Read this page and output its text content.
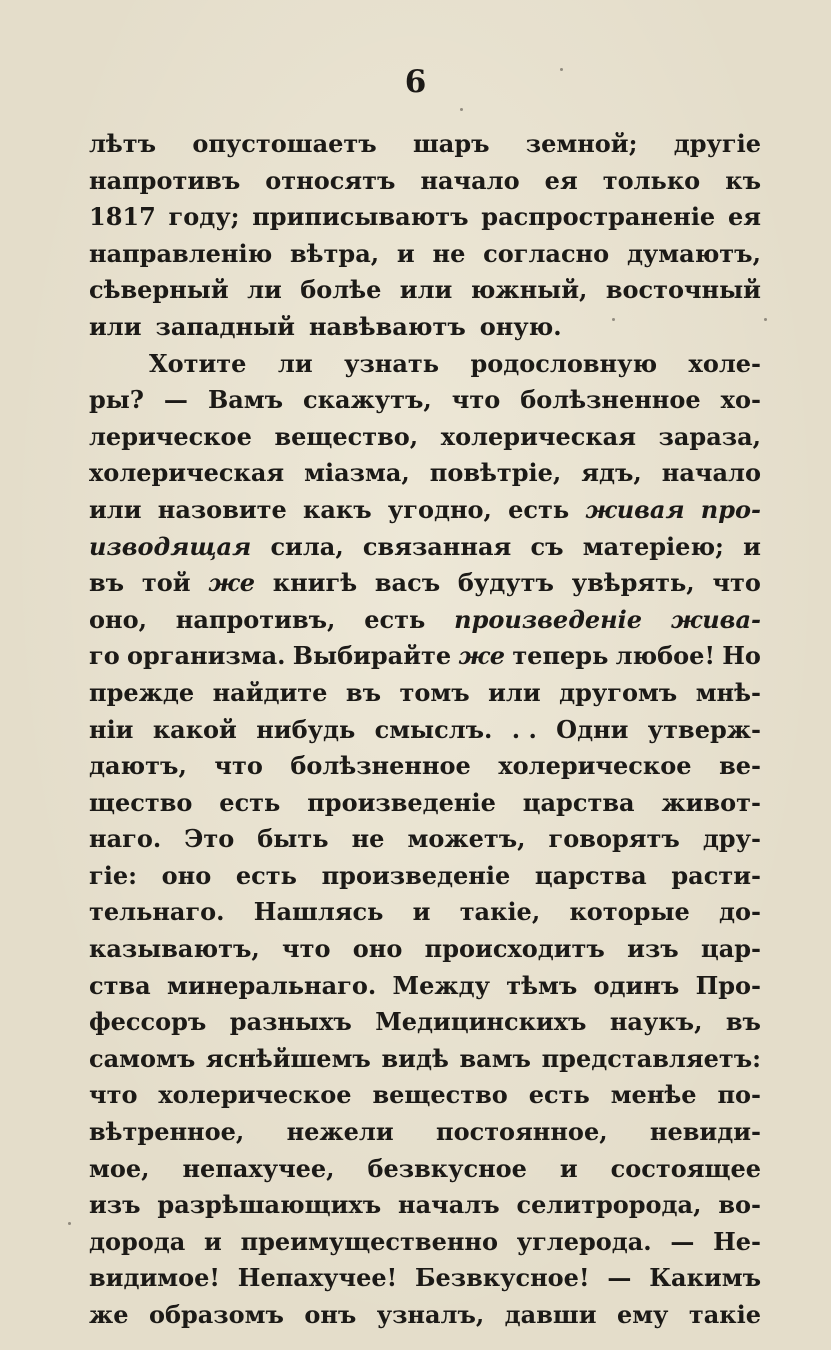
6
лѣтъ опустошаетъ шаръ земной; другіе
напротивъ относятъ начало ея только къ
1817 году; приписываютъ распространеніе ея
направленію вѣтра, и не согласно думаютъ,
сѣверный ли болѣе или южный, восточный
или западный навѣваютъ оную.
Хотите ли узнать родословную холе-
ры? — Вамъ скажутъ, что болѣзненное хо-
лерическое вещество, холерическая зараза,
холерическая міазма, повѣтріе, ядъ, начало
или назовите какъ угодно, есть живая про-
изводящая сила, связанная съ матеріею; и
въ той же книгѣ васъ будутъ увѣрять, что
оно, напротивъ, есть произведеніе жива-
го организма. Выбирайте же теперь любое! Но
прежде найдите въ томъ или другомъ мнѣ-
ніи какой нибудь смыслъ. . . Одни утверж-
даютъ, что болѣзненное холерическое ве-
щество есть произведеніе царства живот-
наго. Это быть не можетъ, говорятъ дру-
гіе: оно есть произведеніе царства расти-
тельнаго. Нашлясь и такіе, которые до-
казываютъ, что оно происходитъ изъ цар-
ства минеральнаго. Между тѣмъ одинъ Про-
фессоръ разныхъ Медицинскихъ наукъ, въ
самомъ яснѣйшемъ видѣ вамъ представляетъ:
что холерическое вещество есть менѣе по-
вѣтренное, нежели постоянное, невиди-
мое, непахучее, безвкусное и состоящее
изъ разрѣшающихъ началъ селитророда, во-
дорода и преимущественно углерода. — Не-
видимое! Непахучее! Безвкусное! — Какимъ
же образомъ онъ узналъ, давши ему такіе
